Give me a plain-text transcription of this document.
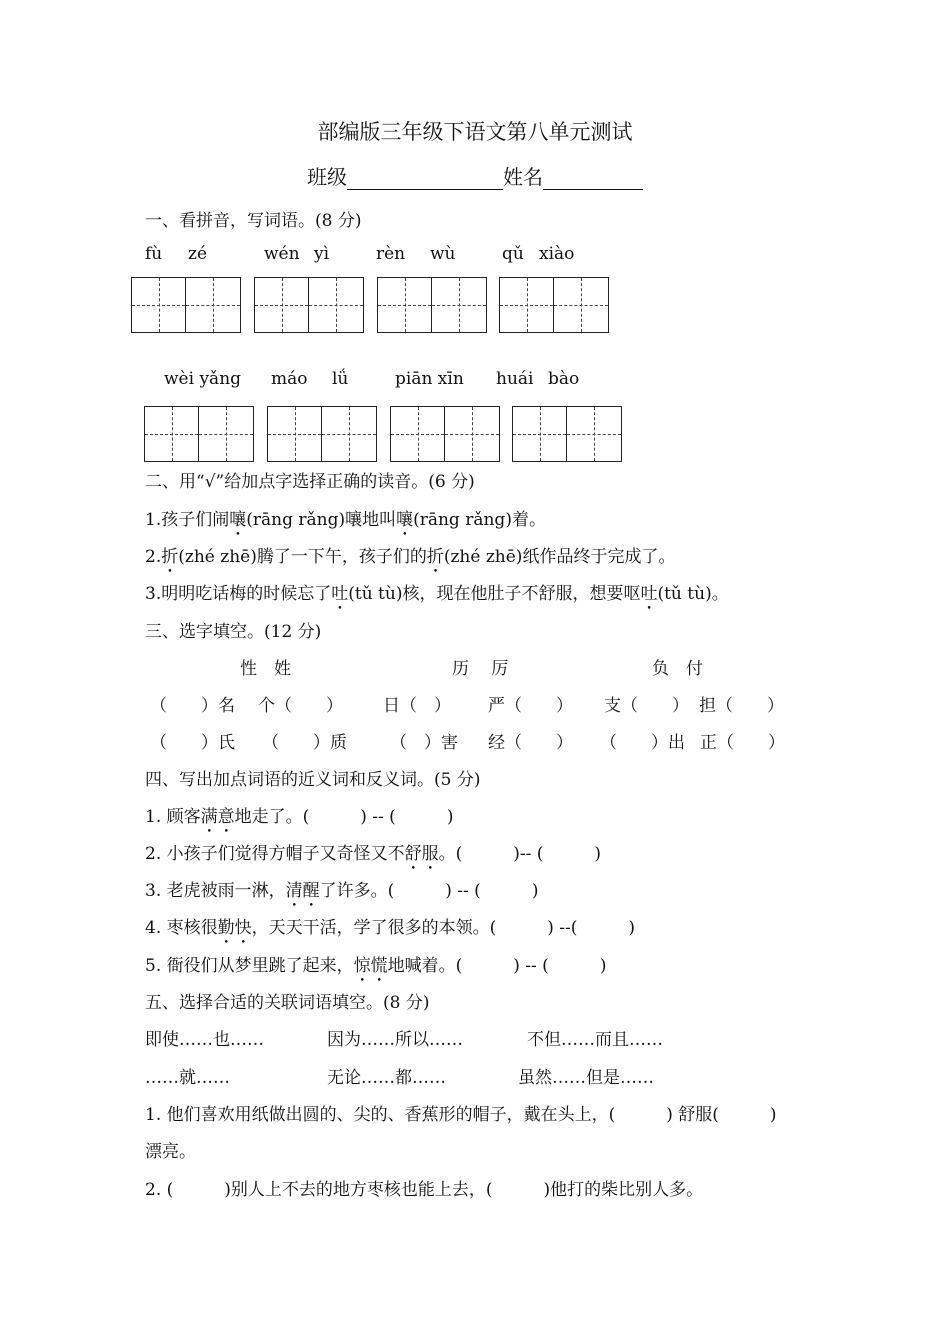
部编版三年级下语文第八单元测试
班级	姓名
一、看拼音，写词语。(8 分)
fù zé	wén yì	rèn wù	qǔ xiào
wèi yǎng máo lǘ	piān xīn huái bào
二、用“√”给加点字选择正确的读音。(6 分)
1.孩子们闹嚷(rāng rǎng)嚷地叫嚷(rāng rǎng)着。
2.折(zhé zhē)腾了一下午，孩子们的折(zhé zhē)纸作品终于完成了。
3.明明吃话梅的时候忘了吐(tǔ tù)核，现在他肚子不舒服，想要呕吐(tǔ tù)。
三、选字填空。(12 分)
性　姓	历　 厉	负　付
（　　）名 个（　　） 日（　） 严（　　） 支（　　） 担（　　）
（　　）氏 （　　）质	（　）害 经（　　） （　　）出 正（　　）
四、写出加点词语的近义词和反义词。(5 分)
1. 顾客满意地走了。(　　　) -- (　　　)
2. 小孩子们觉得方帽子又奇怪又不舒服。(　　　)-- (　　　)
3. 老虎被雨一淋，清醒了许多。(　　　) -- (　　　)
4. 枣核很勤快，天天干活，学了很多的本领。(　　　) --(　　　)
5. 衙役们从梦里跳了起来，惊慌地喊着。(　　　) -- (　　　)
五、选择合适的关联词语填空。(8 分)
即使……也……	因为……所以……	不但……而且……
……就……	无论……都……	虽然……但是……
1. 他们喜欢用纸做出圆的、尖的、香蕉形的帽子，戴在头上，(　　　) 舒服(　　　)
漂亮。
2. (　　　)别人上不去的地方枣核也能上去，(　　　)他打的柴比别人多。
